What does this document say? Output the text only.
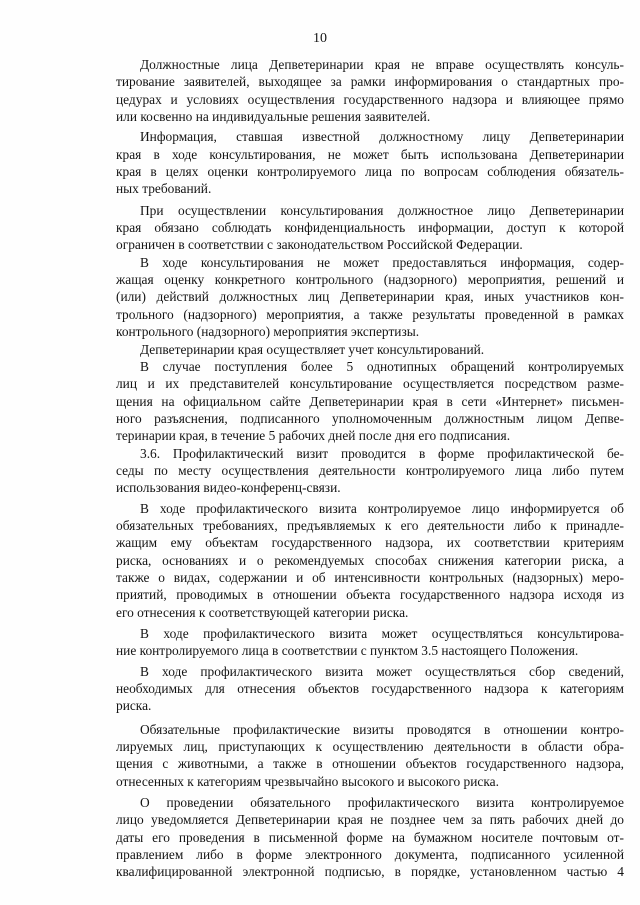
10

Должностные лица Депветеринарии края не вправе осуществлять консуль-
тирование заявителей, выходящее за рамки информирования о стандартных про-
цедурах и условиях осуществления государственного надзора и влияющее прямо
или косвенно на индивидуальные решения заявителей.

Информация, ставшая известной должностному лицу Депветеринарии
края в ходе консультирования, не может быть использована Депветеринарии
края в целях оценки контролируемого лица по вопросам соблюдения обязатель-
ных требований.

При осуществлении консультирования должностное лицо Депветеринарии
края обязано соблюдать конфиденциальность информации, доступ к которой
ограничен в соответствии с законодательством Российской Федерации.

В ходе консультирования не может предоставляться информация, содер-
жащая оценку конкретного контрольного (надзорного) мероприятия, решений и
(или) действий должностных лиц Депветеринарии края, иных участников кон-
трольного (надзорного) мероприятия, а также результаты проведенной в рамках
контрольного (надзорного) мероприятия экспертизы.

Депветеринарии края осуществляет учет консультирований.

В случае поступления более 5 однотипных обращений контролируемых
лиц и их представителей консультирование осуществляется посредством разме-
щения на официальном сайте Депветеринарии края в сети «Интернет» письмен-
ного разъяснения, подписанного уполномоченным должностным лицом Депве-
теринарии края, в течение 5 рабочих дней после дня его подписания.

3.6. Профилактический визит проводится в форме профилактической бе-
седы по месту осуществления деятельности контролируемого лица либо путем
использования видео-конференц-связи.

В ходе профилактического визита контролируемое лицо информируется об
обязательных требованиях, предъявляемых к его деятельности либо к принадле-
жащим ему объектам государственного надзора, их соответствии критериям
риска, основаниях и о рекомендуемых способах снижения категории риска, а
также о видах, содержании и об интенсивности контрольных (надзорных) меро-
приятий, проводимых в отношении объекта государственного надзора исходя из
его отнесения к соответствующей категории риска.

В ходе профилактического визита может осуществляться консультирова-
ние контролируемого лица в соответствии с пунктом 3.5 настоящего Положения.

В ходе профилактического визита может осуществляться сбор сведений,
необходимых для отнесения объектов государственного надзора к категориям
риска.

Обязательные профилактические визиты проводятся в отношении контро-
лируемых лиц, приступающих к осуществлению деятельности в области обра-
щения с животными, а также в отношении объектов государственного надзора,
отнесенных к категориям чрезвычайно высокого и высокого риска.

О проведении обязательного профилактического визита контролируемое
лицо уведомляется Депветеринарии края не позднее чем за пять рабочих дней до
даты его проведения в письменной форме на бумажном носителе почтовым от-
правлением либо в форме электронного документа, подписанного усиленной
квалифицированной электронной подписью, в порядке, установленном частью 4
